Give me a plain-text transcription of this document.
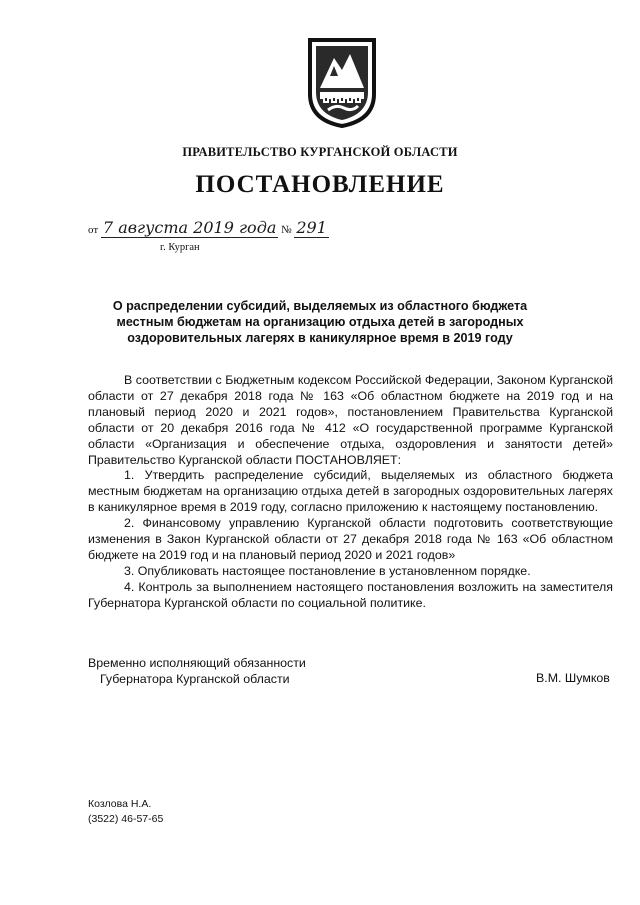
ПРАВИТЕЛЬСТВО КУРГАНСКОЙ ОБЛАСТИ
ПОСТАНОВЛЕНИЕ
от 7 августа 2019 года № 291
г. Курган
О распределении субсидий, выделяемых из областного бюджета местным бюджетам на организацию отдыха детей в загородных оздоровительных лагерях в каникулярное время в 2019 году

В соответствии с Бюджетным кодексом Российской Федерации, Законом Курганской области от 27 декабря 2018 года № 163 «Об областном бюджете на 2019 год и на плановый период 2020 и 2021 годов», постановлением Правительства Курганской области от 20 декабря 2016 года № 412 «О государственной программе Курганской области «Организация и обеспечение отдыха, оздоровления и занятости детей» Правительство Курганской области ПОСТАНОВЛЯЕТ:

1. Утвердить распределение субсидий, выделяемых из областного бюджета местным бюджетам на организацию отдыха детей в загородных оздоровительных лагерях в каникулярное время в 2019 году, согласно приложению к настоящему постановлению.

2. Финансовому управлению Курганской области подготовить соответствующие изменения в Закон Курганской области от 27 декабря 2018 года № 163 «Об областном бюджете на 2019 год и на плановый период 2020 и 2021 годов»

3. Опубликовать настоящее постановление в установленном порядке.

4. Контроль за выполнением настоящего постановления возложить на заместителя Губернатора Курганской области по социальной политике.

Временно исполняющий обязанности
Губернатора Курганской области	В.М. Шумков
Козлова Н.А.
(3522) 46-57-65
